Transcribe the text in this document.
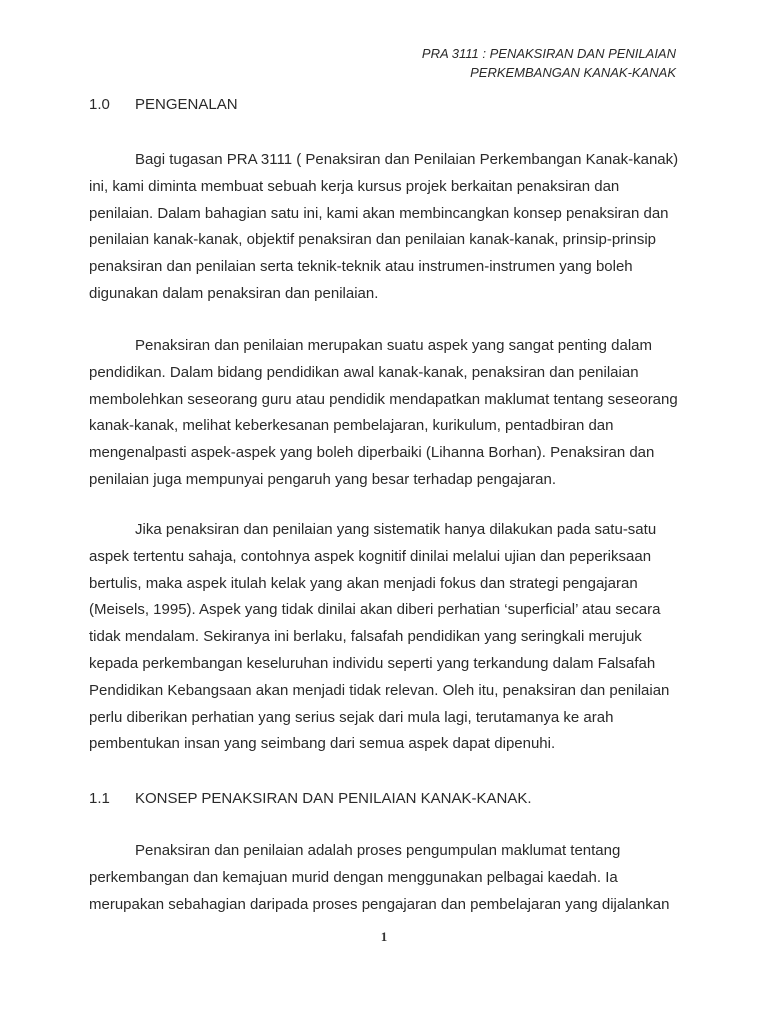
PRA 3111 : PENAKSIRAN DAN PENILAIAN
PERKEMBANGAN KANAK-KANAK
1.0 PENGENALAN

Bagi tugasan PRA 3111 ( Penaksiran dan Penilaian Perkembangan Kanak-kanak) ini, kami diminta membuat sebuah kerja kursus projek berkaitan penaksiran dan penilaian. Dalam bahagian satu ini, kami akan membincangkan konsep penaksiran dan penilaian kanak-kanak, objektif penaksiran dan penilaian kanak-kanak, prinsip-prinsip penaksiran dan penilaian serta teknik-teknik atau instrumen-instrumen yang boleh digunakan dalam penaksiran dan penilaian.

Penaksiran dan penilaian merupakan suatu aspek yang sangat penting dalam pendidikan. Dalam bidang pendidikan awal kanak-kanak, penaksiran dan penilaian membolehkan seseorang guru atau pendidik mendapatkan maklumat tentang seseorang kanak-kanak, melihat keberkesanan pembelajaran, kurikulum, pentadbiran dan mengenalpasti aspek-aspek yang boleh diperbaiki (Lihanna Borhan). Penaksiran dan penilaian juga mempunyai pengaruh yang besar terhadap pengajaran.

Jika penaksiran dan penilaian yang sistematik hanya dilakukan pada satu-satu aspek tertentu sahaja, contohnya aspek kognitif dinilai melalui ujian dan peperiksaan bertulis, maka aspek itulah kelak yang akan menjadi fokus dan strategi pengajaran (Meisels, 1995). Aspek yang tidak dinilai akan diberi perhatian ‘superficial’ atau secara tidak mendalam. Sekiranya ini berlaku, falsafah pendidikan yang seringkali merujuk kepada perkembangan keseluruhan individu seperti yang terkandung dalam Falsafah Pendidikan Kebangsaan akan menjadi tidak relevan. Oleh itu, penaksiran dan penilaian perlu diberikan perhatian yang serius sejak dari mula lagi, terutamanya ke arah pembentukan insan yang seimbang dari semua aspek dapat dipenuhi.

1.1 KONSEP PENAKSIRAN DAN PENILAIAN KANAK-KANAK.

Penaksiran dan penilaian adalah proses pengumpulan maklumat tentang perkembangan dan kemajuan murid dengan menggunakan pelbagai kaedah. Ia merupakan sebahagian daripada proses pengajaran dan pembelajaran yang dijalankan

1
